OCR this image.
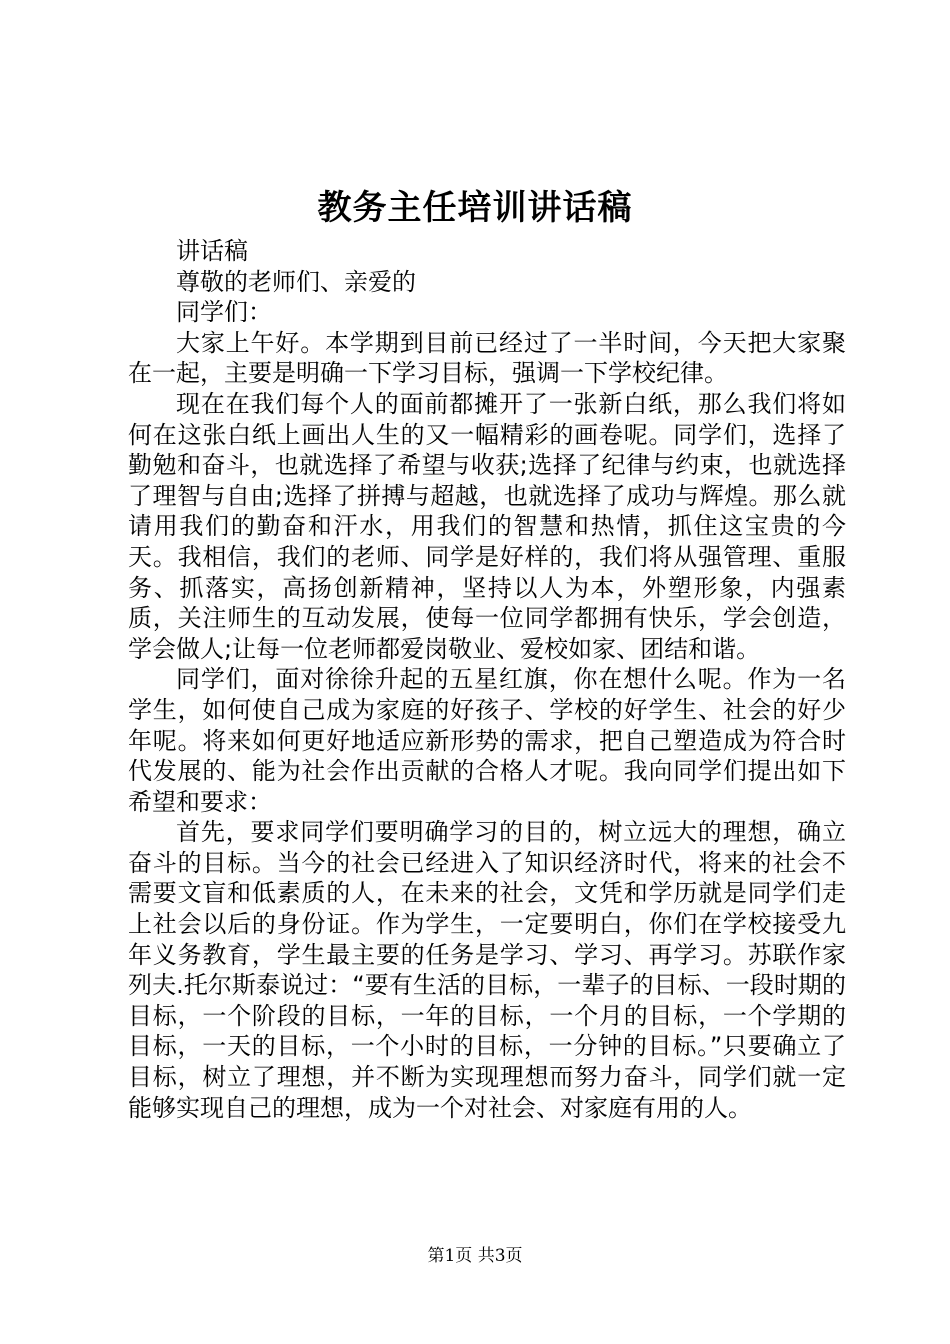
教务主任培训讲话稿

讲话稿

尊敬的老师们、亲爱的

同学们：

大家上午好。本学期到目前已经过了一半时间，今天把大家聚在一起，主要是明确一下学习目标，强调一下学校纪律。

现在在我们每个人的面前都摊开了一张新白纸，那么我们将如何在这张白纸上画出人生的又一幅精彩的画卷呢。同学们，选择了勤勉和奋斗，也就选择了希望与收获;选择了纪律与约束，也就选择了理智与自由;选择了拼搏与超越，也就选择了成功与辉煌。那么就请用我们的勤奋和汗水，用我们的智慧和热情，抓住这宝贵的今天。我相信，我们的老师、同学是好样的，我们将从强管理、重服务、抓落实，高扬创新精神，坚持以人为本，外塑形象，内强素质，关注师生的互动发展，使每一位同学都拥有快乐，学会创造，学会做人;让每一位老师都爱岗敬业、爱校如家、团结和谐。

同学们，面对徐徐升起的五星红旗，你在想什么呢。作为一名学生，如何使自己成为家庭的好孩子、学校的好学生、社会的好少年呢。将来如何更好地适应新形势的需求，把自己塑造成为符合时代发展的、能为社会作出贡献的合格人才呢。我向同学们提出如下希望和要求：

首先，要求同学们要明确学习的目的，树立远大的理想，确立奋斗的目标。当今的社会已经进入了知识经济时代，将来的社会不需要文盲和低素质的人，在未来的社会，文凭和学历就是同学们走上社会以后的身份证。作为学生，一定要明白，你们在学校接受九年义务教育，学生最主要的任务是学习、学习、再学习。苏联作家列夫.托尔斯泰说过：“要有生活的目标，一辈子的目标、一段时期的目标，一个阶段的目标，一年的目标，一个月的目标，一个学期的目标，一天的目标，一个小时的目标，一分钟的目标。”只要确立了目标，树立了理想，并不断为实现理想而努力奋斗，同学们就一定能够实现自己的理想，成为一个对社会、对家庭有用的人。

第1页 共3页
